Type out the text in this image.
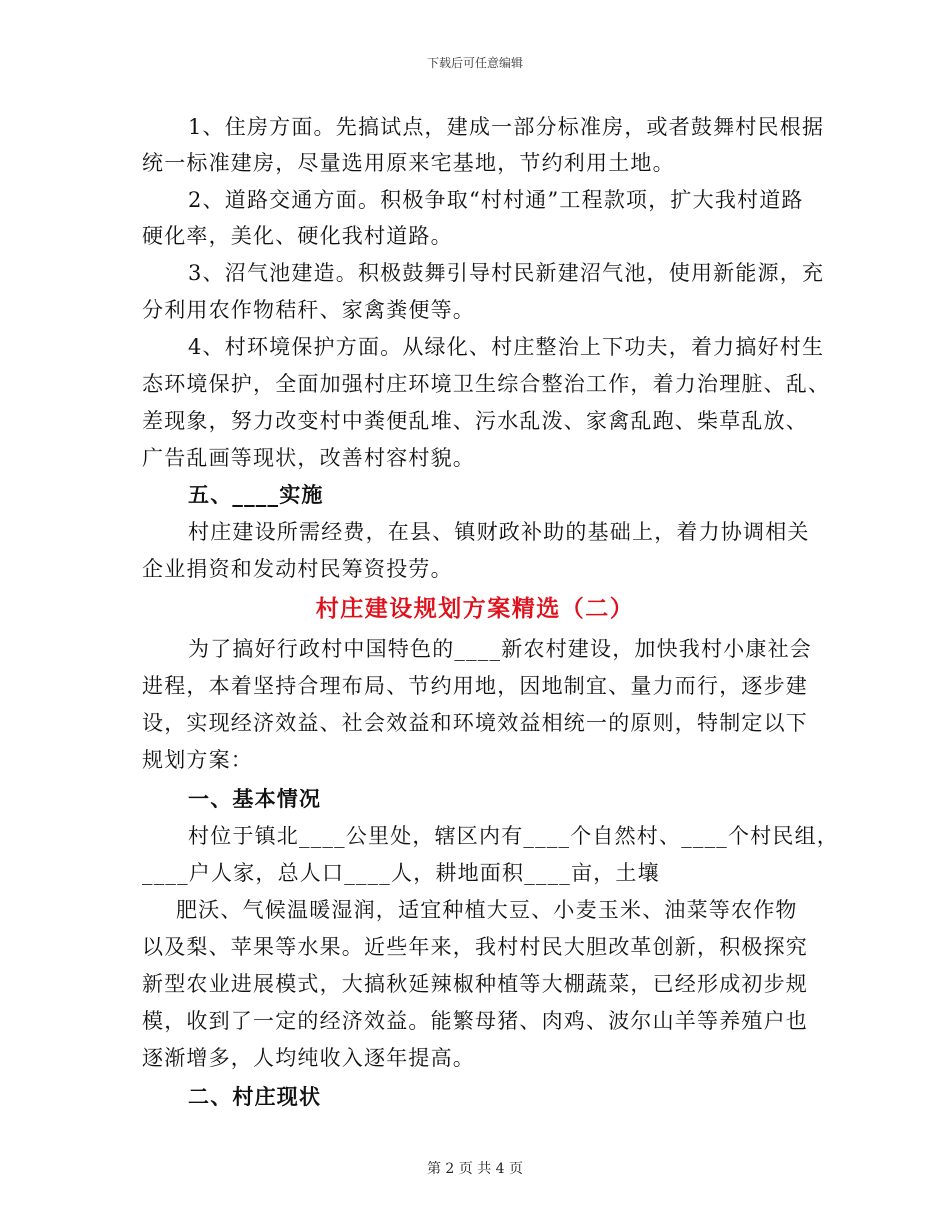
下载后可任意编辑
1、住房方面。先搞试点，建成一部分标准房，或者鼓舞村民根据
统一标准建房，尽量选用原来宅基地，节约利用土地。
2、道路交通方面。积极争取“村村通”工程款项，扩大我村道路
硬化率，美化、硬化我村道路。
3、沼气池建造。积极鼓舞引导村民新建沼气池，使用新能源，充
分利用农作物秸秆、家禽粪便等。
4、村环境保护方面。从绿化、村庄整治上下功夫，着力搞好村生
态环境保护，全面加强村庄环境卫生综合整治工作，着力治理脏、乱、
差现象，努力改变村中粪便乱堆、污水乱泼、家禽乱跑、柴草乱放、
广告乱画等现状，改善村容村貌。
五、____实施
村庄建设所需经费，在县、镇财政补助的基础上，着力协调相关
企业捐资和发动村民筹资投劳。
村庄建设规划方案精选（二）
为了搞好行政村中国特色的____新农村建设，加快我村小康社会
进程，本着坚持合理布局、节约用地，因地制宜、量力而行，逐步建
设，实现经济效益、社会效益和环境效益相统一的原则，特制定以下
规划方案：
一、基本情况
村位于镇北____公里处，辖区内有____个自然村、____个村民组，
____户人家，总人口____人，耕地面积____亩，土壤
肥沃、气候温暖湿润，适宜种植大豆、小麦玉米、油菜等农作物
以及梨、苹果等水果。近些年来，我村村民大胆改革创新，积极探究
新型农业进展模式，大搞秋延辣椒种植等大棚蔬菜，已经形成初步规
模，收到了一定的经济效益。能繁母猪、肉鸡、波尔山羊等养殖户也
逐渐增多，人均纯收入逐年提高。
二、村庄现状
第 2 页 共 4 页
